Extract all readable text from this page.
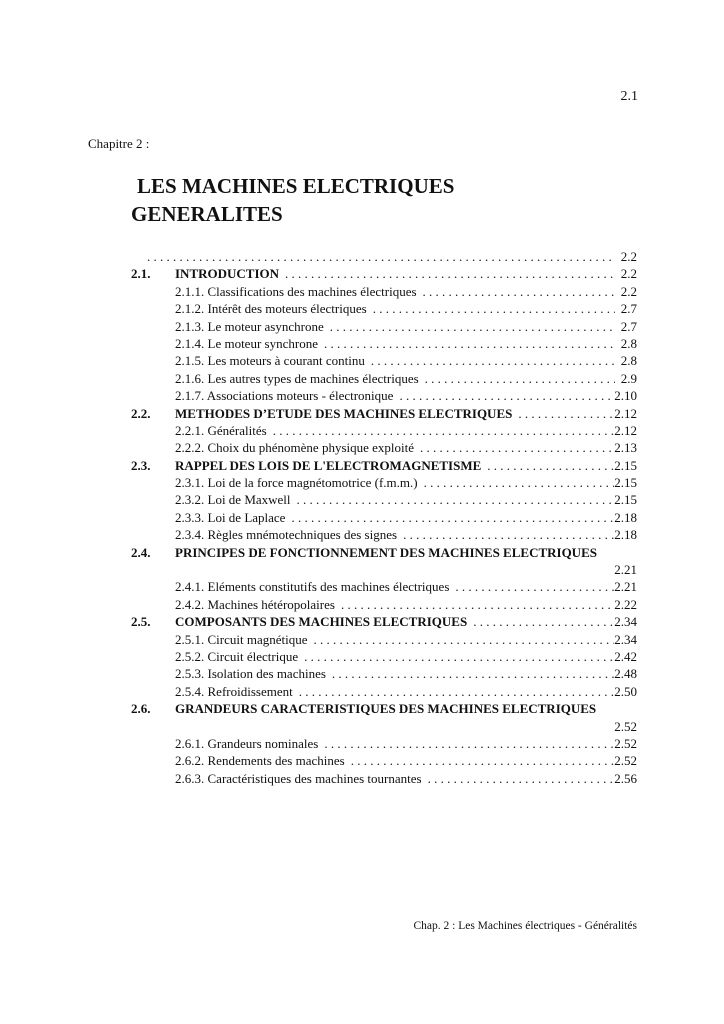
2.1
Chapitre 2 :
LES MACHINES ELECTRIQUES
GENERALITES
. . .
2.2
2.1. INTRODUCTION . . .	2.2
2.1.1. Classifications des machines électriques . . .	2.2
2.1.2. Intérêt des moteurs électriques . . .	2.7
2.1.3. Le moteur asynchrone . . .	2.7
2.1.4. Le moteur synchrone . . .	2.8
2.1.5. Les moteurs à courant continu . . .	2.8
2.1.6. Les autres types de machines électriques . . .	2.9
2.1.7. Associations moteurs - électronique . . .	2.10
2.2. METHODES D’ETUDE DES MACHINES ELECTRIQUES . . .	2.12
2.2.1. Généralités . . .	2.12
2.2.2. Choix du phénomène physique exploité . . .	2.13
2.3. RAPPEL DES LOIS DE L'ELECTROMAGNETISME . . .	2.15
2.3.1. Loi de la force magnétomotrice (f.m.m.) . . .	2.15
2.3.2. Loi de Maxwell . . .	2.15
2.3.3. Loi de Laplace . . .	2.18
2.3.4. Règles mnémotechniques des signes . . .	2.18
2.4. PRINCIPES DE FONCTIONNEMENT DES MACHINES ELECTRIQUES
2.21
2.4.1. Eléments constitutifs des machines électriques . . .	2.21
2.4.2. Machines hétéropolaires . . .	2.22
2.5. COMPOSANTS DES MACHINES ELECTRIQUES . . .	2.34
2.5.1. Circuit magnétique . . .	2.34
2.5.2. Circuit électrique . . .	2.42
2.5.3. Isolation des machines . . .	2.48
2.5.4. Refroidissement . . .	2.50
2.6. GRANDEURS CARACTERISTIQUES DES MACHINES ELECTRIQUES
2.52
2.6.1. Grandeurs nominales . . .	2.52
2.6.2. Rendements des machines . . .	2.52
2.6.3. Caractéristiques des machines tournantes . . .	2.56
Chap. 2 : Les Machines électriques - Généralités
